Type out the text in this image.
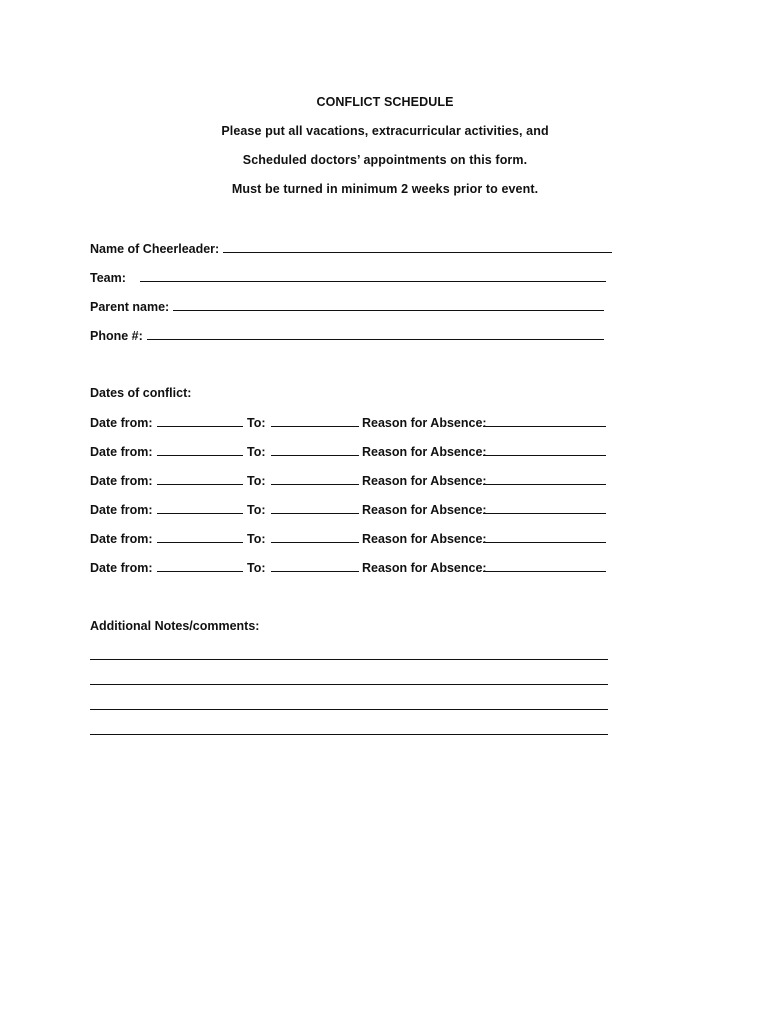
CONFLICT SCHEDULE
Please put all vacations, extracurricular activities, and
Scheduled doctors’ appointments on this form.
Must be turned in minimum 2 weeks prior to event.
Name of Cheerleader:
Team:
Parent name:
Phone #:
Dates of conflict:
Date from:	To:	Reason for Absence:
Date from:	To:	Reason for Absence:
Date from:	To:	Reason for Absence:
Date from:	To:	Reason for Absence:
Date from:	To:	Reason for Absence:
Date from:	To:	Reason for Absence:
Additional Notes/comments:
